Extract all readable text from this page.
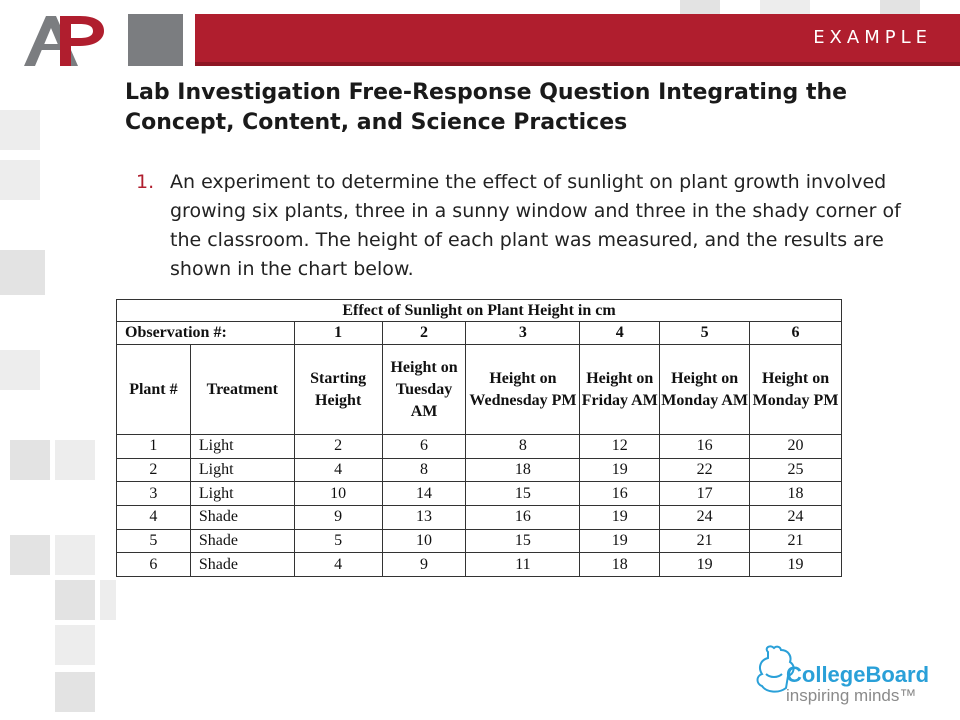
EXAMPLE
Lab Investigation Free-Response Question Integrating the Concept, Content, and Science Practices
1. An experiment to determine the effect of sunlight on plant growth involved growing six plants, three in a sunny window and three in the shady corner of the classroom. The height of each plant was measured, and the results are shown in the chart below.
Effect of Sunlight on Plant Height in cm							
Observation #:		1	2	3	4	5	6
Plant #	Treatment	Starting Height	Height on Tuesday AM	Height on Wednesday PM	Height on Friday AM	Height on Monday AM	Height on Monday PM
1	Light	2	6	8	12	16	20
2	Light	4	8	18	19	22	25
3	Light	10	14	15	16	17	18
4	Shade	9	13	16	19	24	24
5	Shade	5	10	15	19	21	21
6	Shade	4	9	11	18	19	19
CollegeBoard
inspiring minds™
